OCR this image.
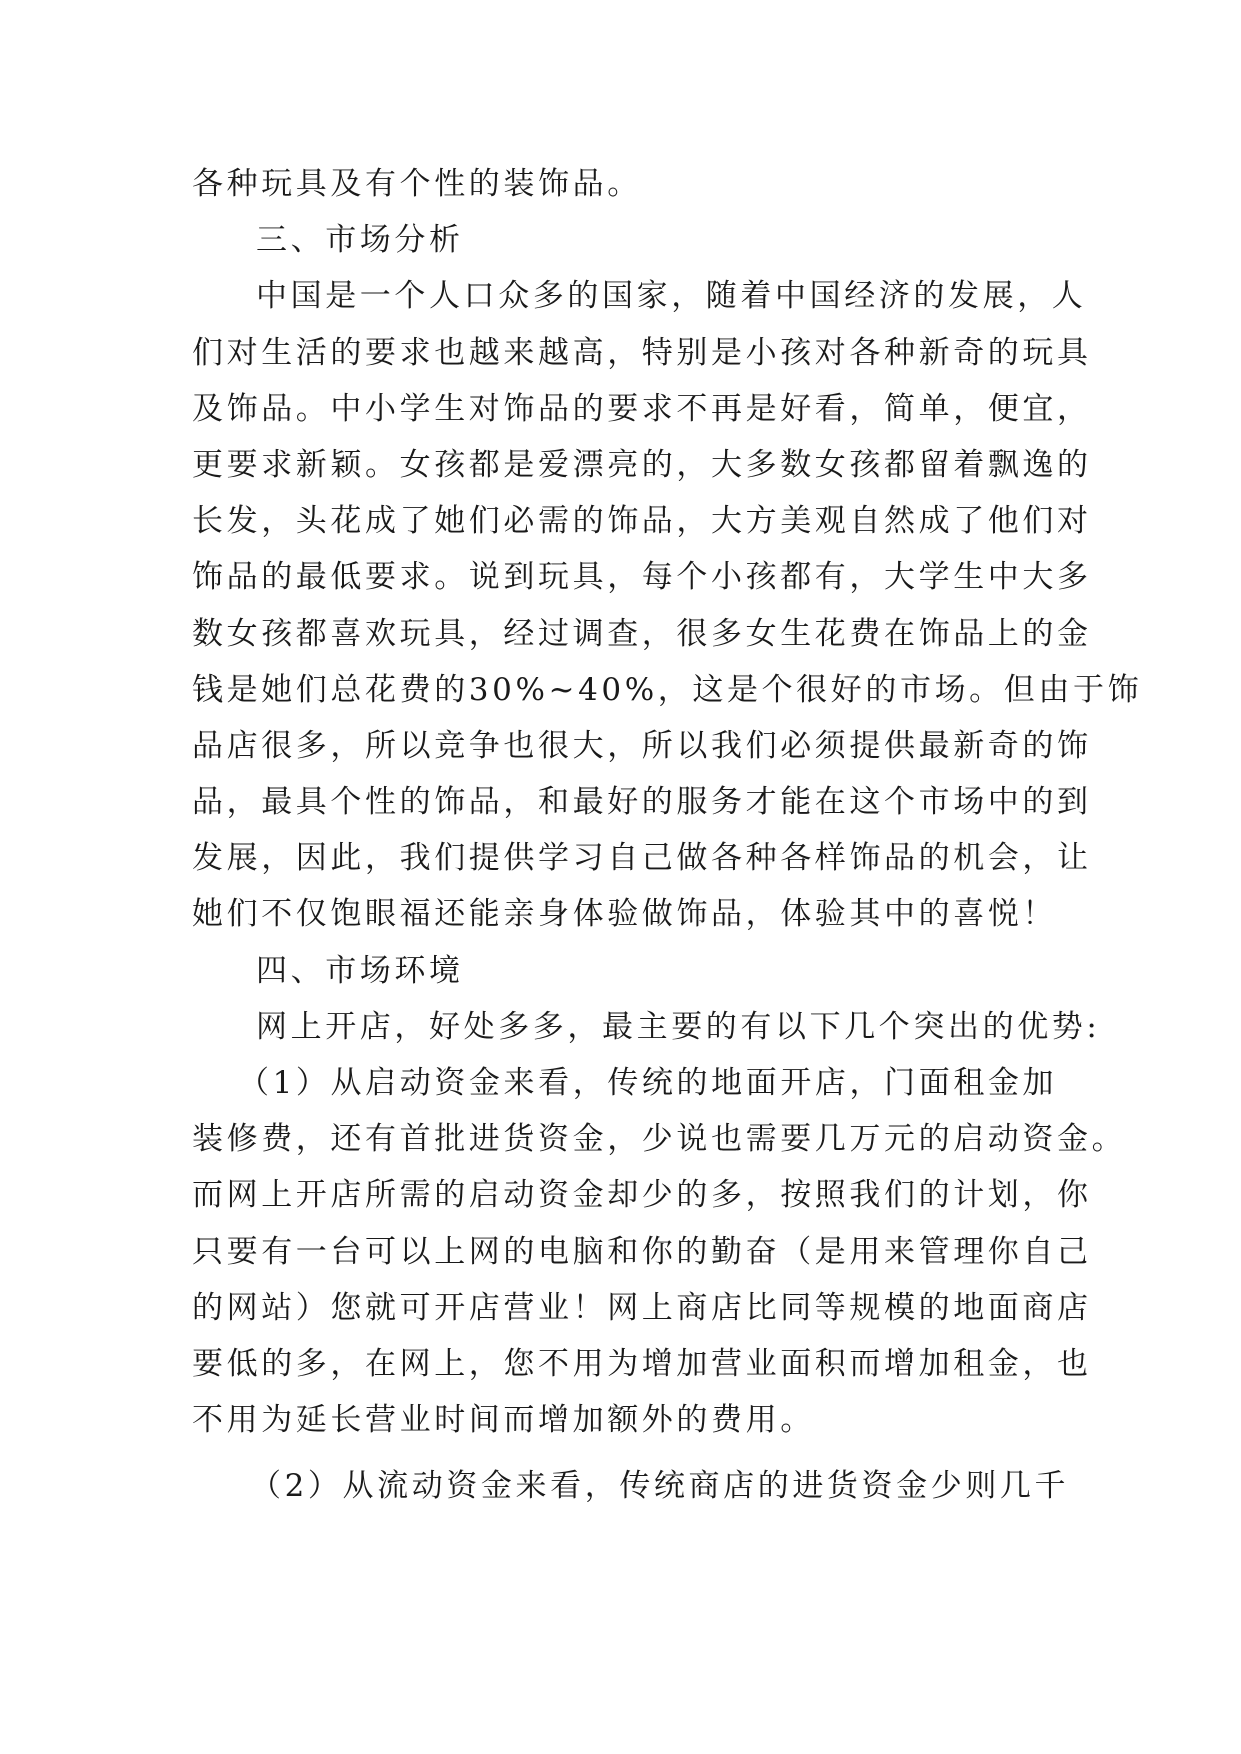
各种玩具及有个性的装饰品。
三、市场分析
中国是一个人口众多的国家，随着中国经济的发展，人
们对生活的要求也越来越高，特别是小孩对各种新奇的玩具
及饰品。中小学生对饰品的要求不再是好看，简单，便宜，
更要求新颖。女孩都是爱漂亮的，大多数女孩都留着飘逸的
长发，头花成了她们必需的饰品，大方美观自然成了他们对
饰品的最低要求。说到玩具，每个小孩都有，大学生中大多
数女孩都喜欢玩具，经过调查，很多女生花费在饰品上的金
钱是她们总花费的30%~40%，这是个很好的市场。但由于饰
品店很多，所以竞争也很大，所以我们必须提供最新奇的饰
品，最具个性的饰品，和最好的服务才能在这个市场中的到
发展，因此，我们提供学习自己做各种各样饰品的机会，让
她们不仅饱眼福还能亲身体验做饰品，体验其中的喜悦！
四、市场环境
网上开店，好处多多，最主要的有以下几个突出的优势:
（1）从启动资金来看，传统的地面开店，门面租金加
装修费，还有首批进货资金，少说也需要几万元的启动资金。
而网上开店所需的启动资金却少的多，按照我们的计划，你
只要有一台可以上网的电脑和你的勤奋（是用来管理你自己
的网站）您就可开店营业！网上商店比同等规模的地面商店
要低的多，在网上，您不用为增加营业面积而增加租金，也
不用为延长营业时间而增加额外的费用。
（2）从流动资金来看，传统商店的进货资金少则几千
